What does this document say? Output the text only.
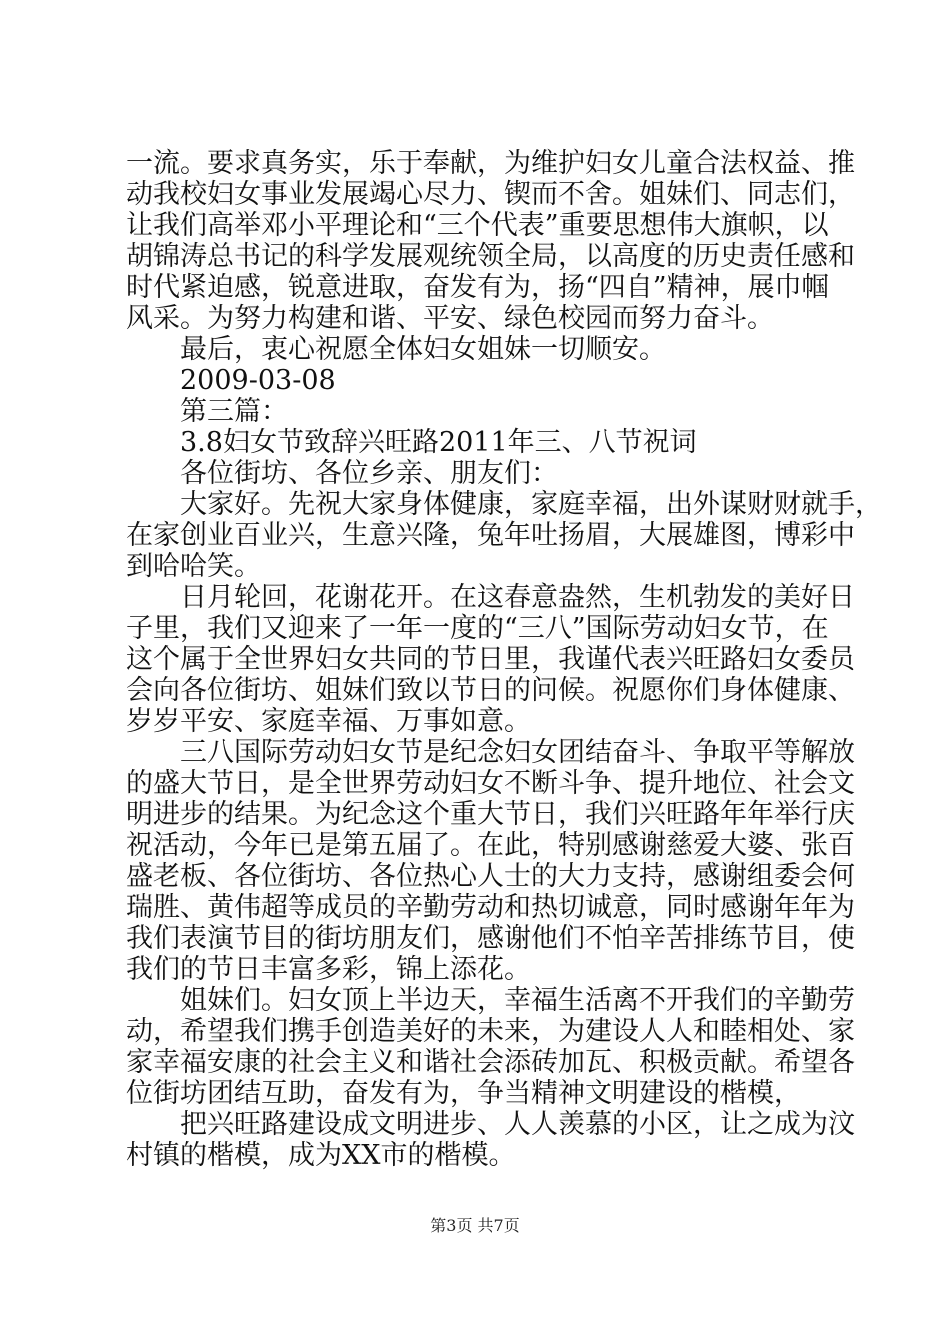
一流。要求真务实，乐于奉献，为维护妇女儿童合法权益、推
动我校妇女事业发展竭心尽力、锲而不舍。姐妹们、同志们，
让我们高举邓小平理论和“三个代表”重要思想伟大旗帜，以
胡锦涛总书记的科学发展观统领全局，以高度的历史责任感和
时代紧迫感，锐意进取，奋发有为，扬“四自”精神，展巾帼
风采。为努力构建和谐、平安、绿色校园而努力奋斗。
最后，衷心祝愿全体妇女姐妹一切顺安。
2009-03-08
第三篇：
3.8妇女节致辞兴旺路2011年三、八节祝词
各位街坊、各位乡亲、朋友们：
大家好。先祝大家身体健康，家庭幸福，出外谋财财就手，
在家创业百业兴，生意兴隆，兔年吐扬眉，大展雄图，博彩中
到哈哈笑。
日月轮回，花谢花开。在这春意盎然，生机勃发的美好日
子里，我们又迎来了一年一度的“三八”国际劳动妇女节，在
这个属于全世界妇女共同的节日里，我谨代表兴旺路妇女委员
会向各位街坊、姐妹们致以节日的问候。祝愿你们身体健康、
岁岁平安、家庭幸福、万事如意。
三八国际劳动妇女节是纪念妇女团结奋斗、争取平等解放
的盛大节日，是全世界劳动妇女不断斗争、提升地位、社会文
明进步的结果。为纪念这个重大节日，我们兴旺路年年举行庆
祝活动，今年已是第五届了。在此，特别感谢慈爱大婆、张百
盛老板、各位街坊、各位热心人士的大力支持，感谢组委会何
瑞胜、黄伟超等成员的辛勤劳动和热切诚意，同时感谢年年为
我们表演节目的街坊朋友们，感谢他们不怕辛苦排练节目，使
我们的节日丰富多彩，锦上添花。
姐妹们。妇女顶上半边天，幸福生活离不开我们的辛勤劳
动，希望我们携手创造美好的未来，为建设人人和睦相处、家
家幸福安康的社会主义和谐社会添砖加瓦、积极贡献。希望各
位街坊团结互助，奋发有为，争当精神文明建设的楷模，
把兴旺路建设成文明进步、人人羡慕的小区，让之成为汶
村镇的楷模，成为XX市的楷模。
第3页 共7页
